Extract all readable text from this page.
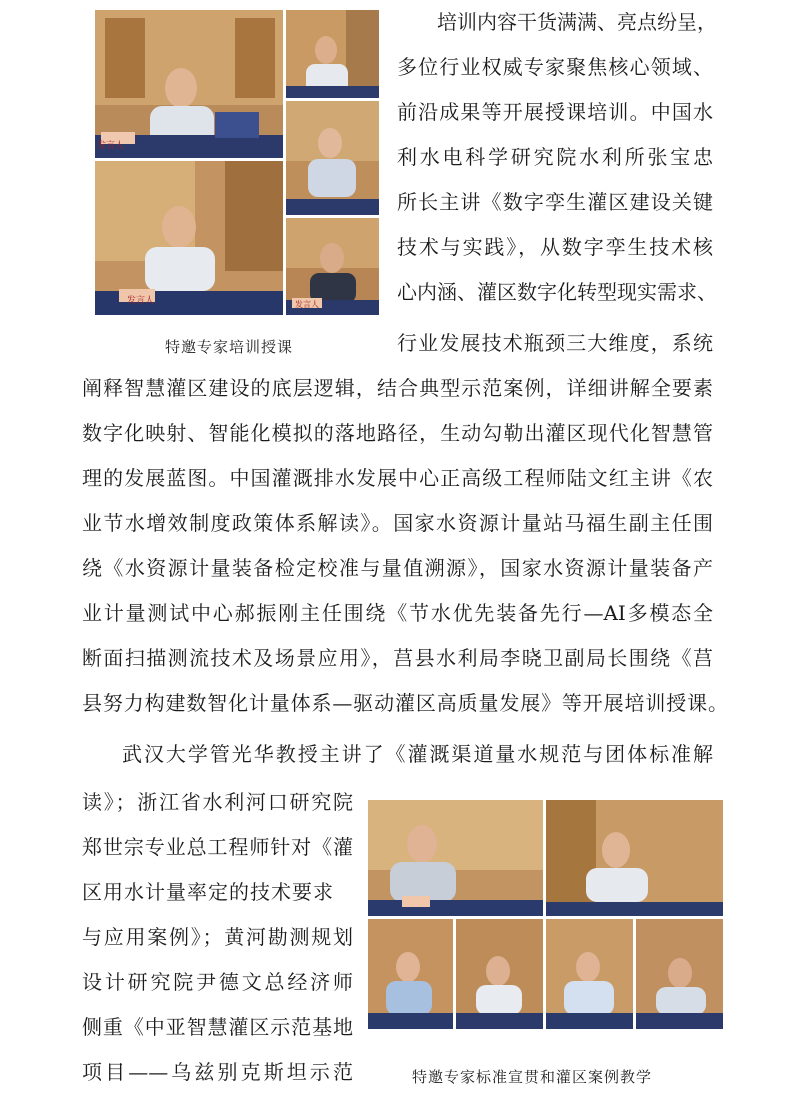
发言人
发言人	发言人
特邀专家培训授课
培训内容干货满满、亮点纷呈，
多位行业权威专家聚焦核心领域、
前沿成果等开展授课培训。中国水
利水电科学研究院水利所张宝忠
所长主讲《数字孪生灌区建设关键
技术与实践》，从数字孪生技术核
心内涵、灌区数字化转型现实需求、
行业发展技术瓶颈三大维度，系统
阐释智慧灌区建设的底层逻辑，结合典型示范案例，详细讲解全要素
数字化映射、智能化模拟的落地路径，生动勾勒出灌区现代化智慧管
理的发展蓝图。中国灌溉排水发展中心正高级工程师陆文红主讲《农
业节水增效制度政策体系解读》。国家水资源计量站马福生副主任围
绕《水资源计量装备检定校准与量值溯源》，国家水资源计量装备产
业计量测试中心郝振刚主任围绕《节水优先装备先行—AI多模态全
断面扫描测流技术及场景应用》，莒县水利局李晓卫副局长围绕《莒
县努力构建数智化计量体系—驱动灌区高质量发展》等开展培训授课。
武汉大学管光华教授主讲了《灌溉渠道量水规范与团体标准解
读》；浙江省水利河口研究院
郑世宗专业总工程师针对《灌
区用水计量率定的技术要求
与应用案例》；黄河勘测规划
设计研究院尹德文总经济师
侧重《中亚智慧灌区示范基地
项目——乌兹别克斯坦示范	特邀专家标准宣贯和灌区案例教学
